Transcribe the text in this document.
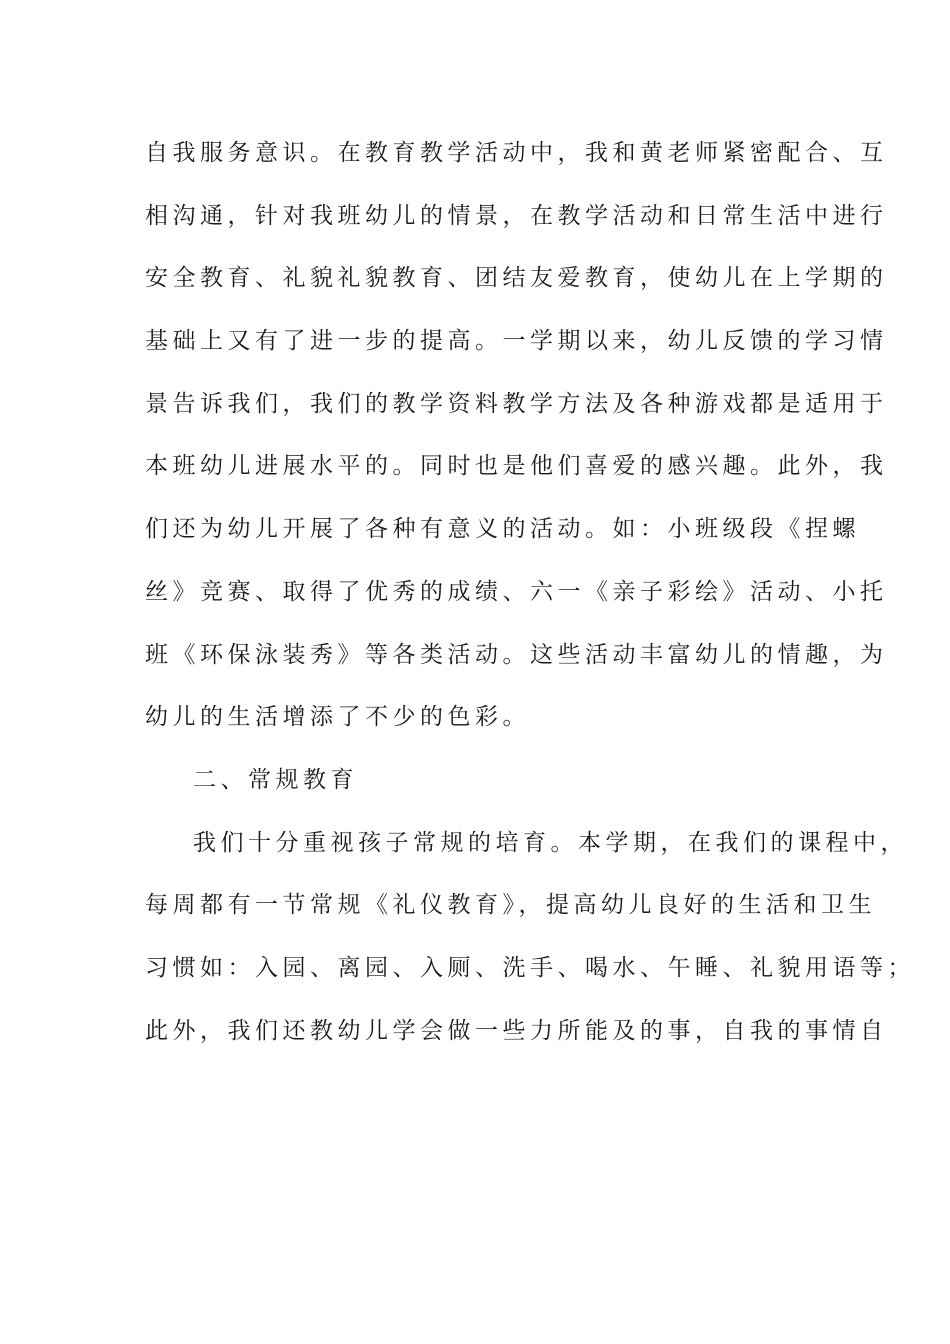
自我服务意识。在教育教学活动中，我和黄老师紧密配合、互
相沟通，针对我班幼儿的情景，在教学活动和日常生活中进行
安全教育、礼貌礼貌教育、团结友爱教育，使幼儿在上学期的
基础上又有了进一步的提高。一学期以来，幼儿反馈的学习情
景告诉我们，我们的教学资料教学方法及各种游戏都是适用于
本班幼儿进展水平的。同时也是他们喜爱的感兴趣。此外，我
们还为幼儿开展了各种有意义的活动。如：小班级段《捏螺
丝》竞赛、取得了优秀的成绩、六一《亲子彩绘》活动、小托
班《环保泳装秀》等各类活动。这些活动丰富幼儿的情趣，为
幼儿的生活增添了不少的色彩。
二、常规教育
我们十分重视孩子常规的培育。本学期，在我们的课程中，
每周都有一节常规《礼仪教育》，提高幼儿良好的生活和卫生
习惯如：入园、离园、入厕、洗手、喝水、午睡、礼貌用语等；
此外，我们还教幼儿学会做一些力所能及的事，自我的事情自
